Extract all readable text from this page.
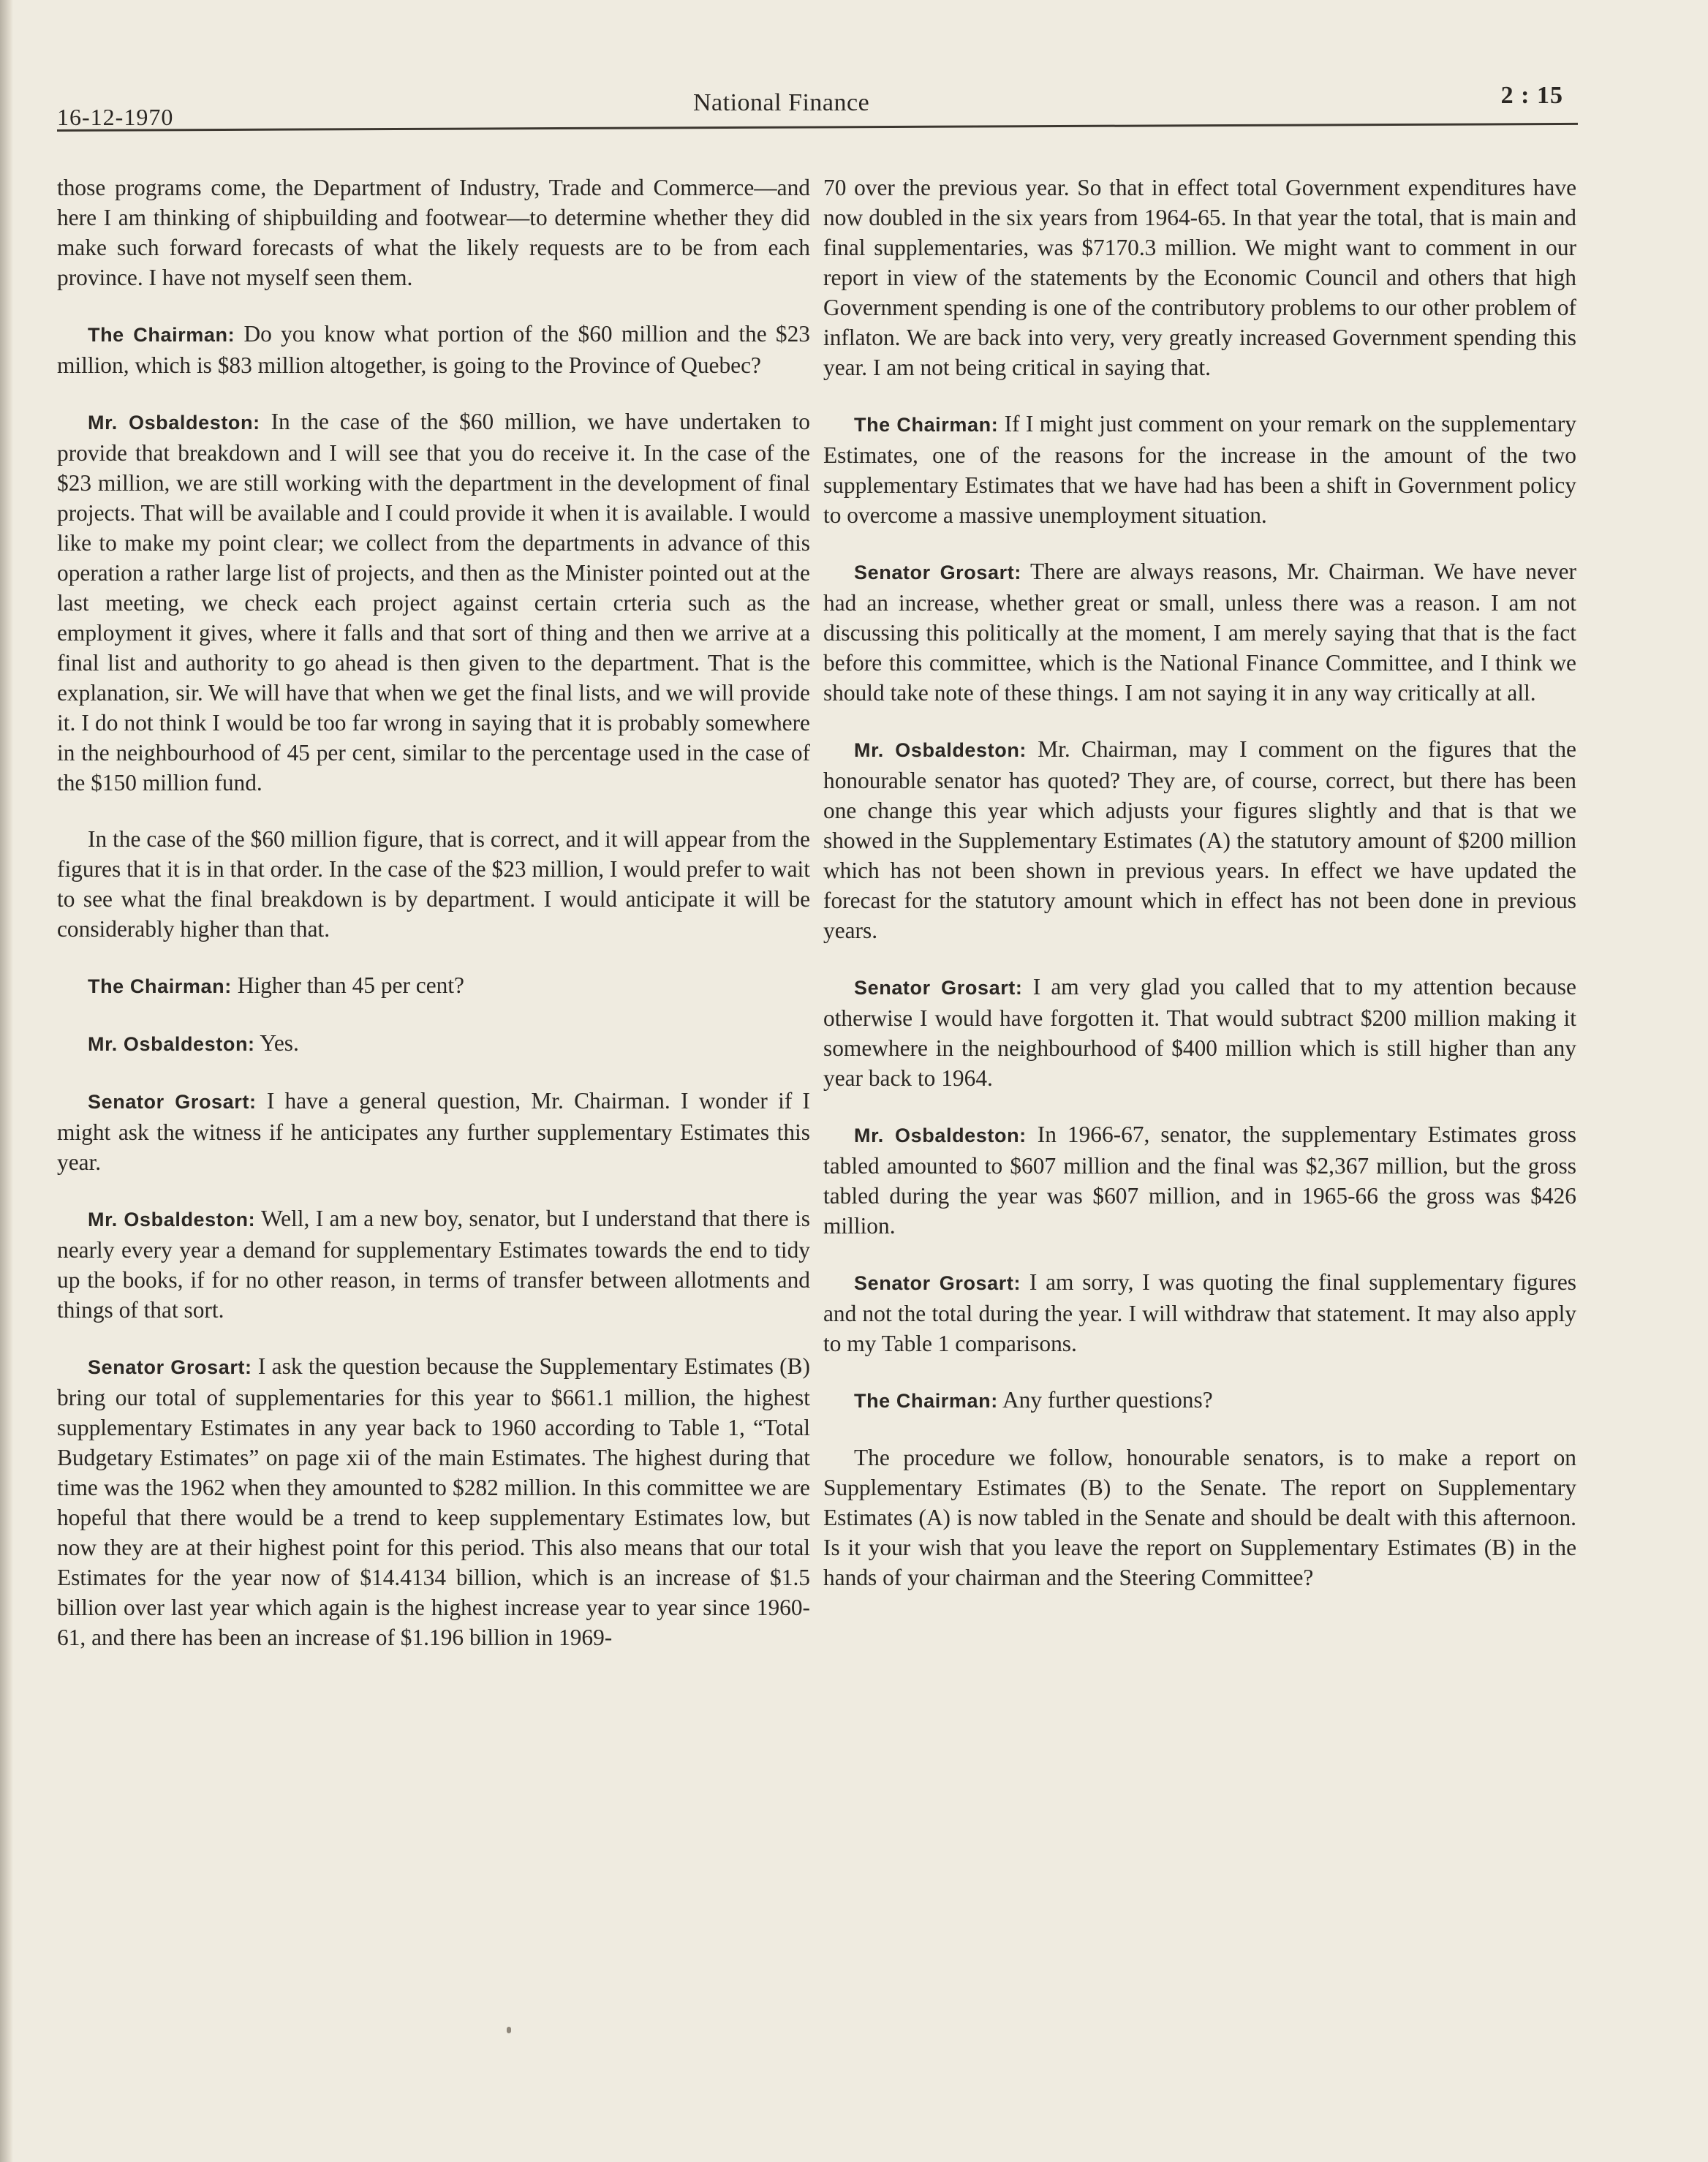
16-12-1970
National Finance	2 : 15

those programs come, the Department of Industry, Trade and Commerce—and here I am thinking of shipbuilding and footwear—to determine whether they did make such forward forecasts of what the likely requests are to be from each province. I have not myself seen them.

The Chairman: Do you know what portion of the $60 million and the $23 million, which is $83 million altogether, is going to the Province of Quebec?

Mr. Osbaldeston: In the case of the $60 million, we have undertaken to provide that breakdown and I will see that you do receive it. In the case of the $23 million, we are still working with the department in the development of final projects. That will be available and I could provide it when it is available. I would like to make my point clear; we collect from the departments in advance of this operation a rather large list of projects, and then as the Minister pointed out at the last meeting, we check each project against certain crteria such as the employment it gives, where it falls and that sort of thing and then we arrive at a final list and authority to go ahead is then given to the department. That is the explanation, sir. We will have that when we get the final lists, and we will provide it. I do not think I would be too far wrong in saying that it is probably somewhere in the neighbourhood of 45 per cent, similar to the percentage used in the case of the $150 million fund.

In the case of the $60 million figure, that is correct, and it will appear from the figures that it is in that order. In the case of the $23 million, I would prefer to wait to see what the final breakdown is by department. I would anticipate it will be considerably higher than that.

The Chairman: Higher than 45 per cent?

Mr. Osbaldeston: Yes.

Senator Grosart: I have a general question, Mr. Chairman. I wonder if I might ask the witness if he anticipates any further supplementary Estimates this year.

Mr. Osbaldeston: Well, I am a new boy, senator, but I understand that there is nearly every year a demand for supplementary Estimates towards the end to tidy up the books, if for no other reason, in terms of transfer between allotments and things of that sort.

Senator Grosart: I ask the question because the Supplementary Estimates (B) bring our total of supplementaries for this year to $661.1 million, the highest supplementary Estimates in any year back to 1960 according to Table 1, “Total Budgetary Estimates” on page xii of the main Estimates. The highest during that time was the 1962 when they amounted to $282 million. In this committee we are hopeful that there would be a trend to keep supplementary Estimates low, but now they are at their highest point for this period. This also means that our total Estimates for the year now of $14.4134 billion, which is an increase of $1.5 billion over last year which again is the highest increase year to year since 1960-61, and there has been an increase of $1.196 billion in 1969-

70 over the previous year. So that in effect total Government expenditures have now doubled in the six years from 1964-65. In that year the total, that is main and final supplementaries, was $7170.3 million. We might want to comment in our report in view of the statements by the Economic Council and others that high Government spending is one of the contributory problems to our other problem of inflaton. We are back into very, very greatly increased Government spending this year. I am not being critical in saying that.

The Chairman: If I might just comment on your remark on the supplementary Estimates, one of the reasons for the increase in the amount of the two supplementary Estimates that we have had has been a shift in Government policy to overcome a massive unemployment situation.

Senator Grosart: There are always reasons, Mr. Chairman. We have never had an increase, whether great or small, unless there was a reason. I am not discussing this politically at the moment, I am merely saying that that is the fact before this committee, which is the National Finance Committee, and I think we should take note of these things. I am not saying it in any way critically at all.

Mr. Osbaldeston: Mr. Chairman, may I comment on the figures that the honourable senator has quoted? They are, of course, correct, but there has been one change this year which adjusts your figures slightly and that is that we showed in the Supplementary Estimates (A) the statutory amount of $200 million which has not been shown in previous years. In effect we have updated the forecast for the statutory amount which in effect has not been done in previous years.

Senator Grosart: I am very glad you called that to my attention because otherwise I would have forgotten it. That would subtract $200 million making it somewhere in the neighbourhood of $400 million which is still higher than any year back to 1964.

Mr. Osbaldeston: In 1966-67, senator, the supplementary Estimates gross tabled amounted to $607 million and the final was $2,367 million, but the gross tabled during the year was $607 million, and in 1965-66 the gross was $426 million.

Senator Grosart: I am sorry, I was quoting the final supplementary figures and not the total during the year. I will withdraw that statement. It may also apply to my Table 1 comparisons.

The Chairman: Any further questions?

The procedure we follow, honourable senators, is to make a report on Supplementary Estimates (B) to the Senate. The report on Supplementary Estimates (A) is now tabled in the Senate and should be dealt with this afternoon. Is it your wish that you leave the report on Supplementary Estimates (B) in the hands of your chairman and the Steering Committee?
